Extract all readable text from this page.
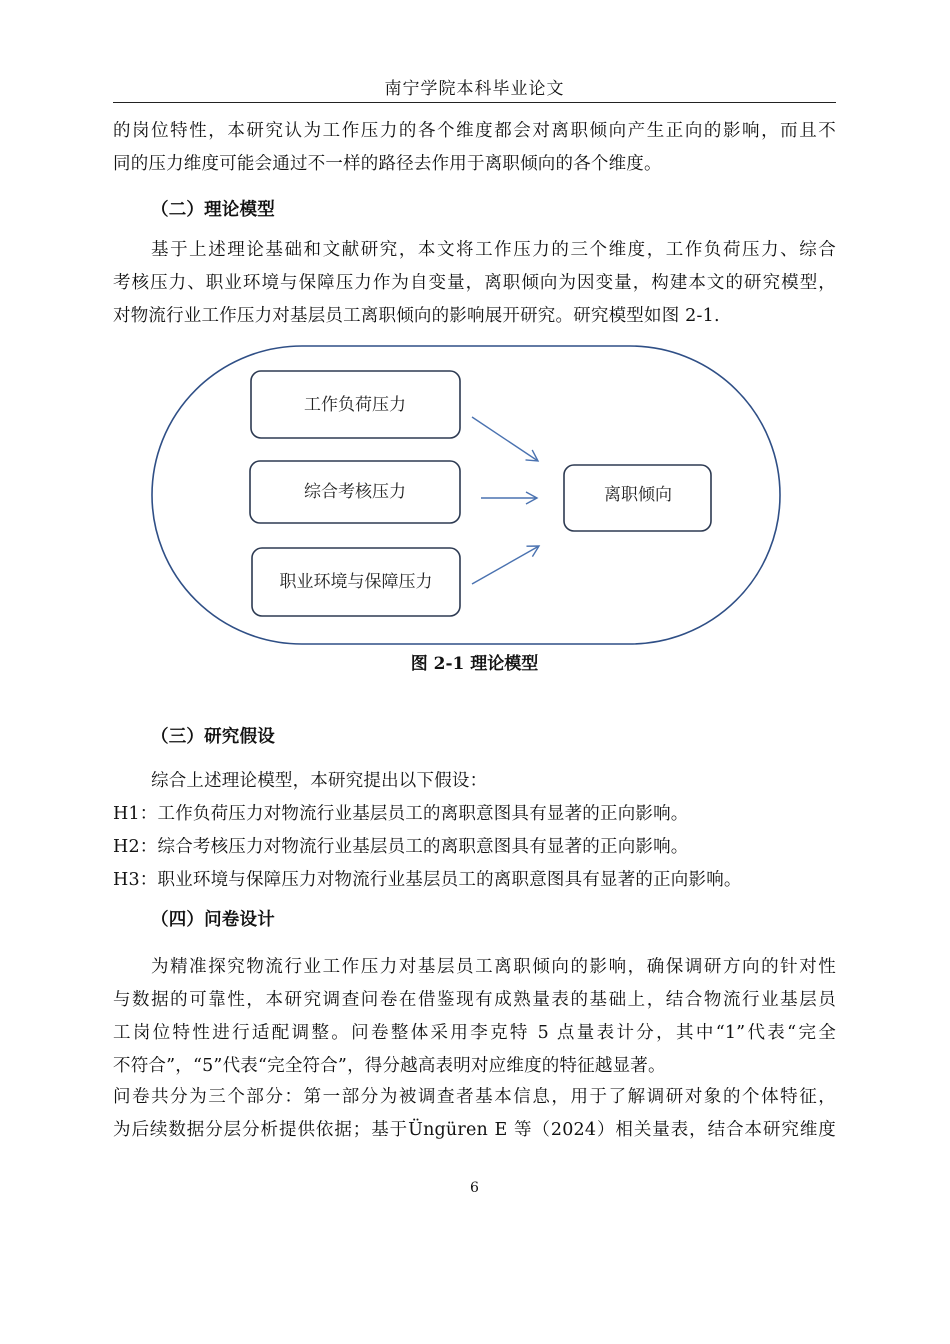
南宁学院本科毕业论文
的岗位特性，本研究认为工作压力的各个维度都会对离职倾向产生正向的影响，而且不
同的压力维度可能会通过不一样的路径去作用于离职倾向的各个维度。
（二）理论模型
基于上述理论基础和文献研究，本文将工作压力的三个维度，工作负荷压力、综合
考核压力、职业环境与保障压力作为自变量，离职倾向为因变量，构建本文的研究模型，
对物流行业工作压力对基层员工离职倾向的影响展开研究。研究模型如图 2-1.
工作负荷压力
综合考核压力
职业环境与保障压力
离职倾向
图 2-1 理论模型
（三）研究假设
综合上述理论模型，本研究提出以下假设：
H1：工作负荷压力对物流行业基层员工的离职意图具有显著的正向影响。
H2：综合考核压力对物流行业基层员工的离职意图具有显著的正向影响。
H3：职业环境与保障压力对物流行业基层员工的离职意图具有显著的正向影响。
（四）问卷设计
为精准探究物流行业工作压力对基层员工离职倾向的影响，确保调研方向的针对性
与数据的可靠性，本研究调查问卷在借鉴现有成熟量表的基础上，结合物流行业基层员
工岗位特性进行适配调整。问卷整体采用李克特 5 点量表计分，其中“1”代表“完全
不符合”，“5”代表“完全符合”，得分越高表明对应维度的特征越显著。
问卷共分为三个部分：第一部分为被调查者基本信息，用于了解调研对象的个体特征，
为后续数据分层分析提供依据；基于Üngüren E 等（2024）相关量表，结合本研究维度
6
